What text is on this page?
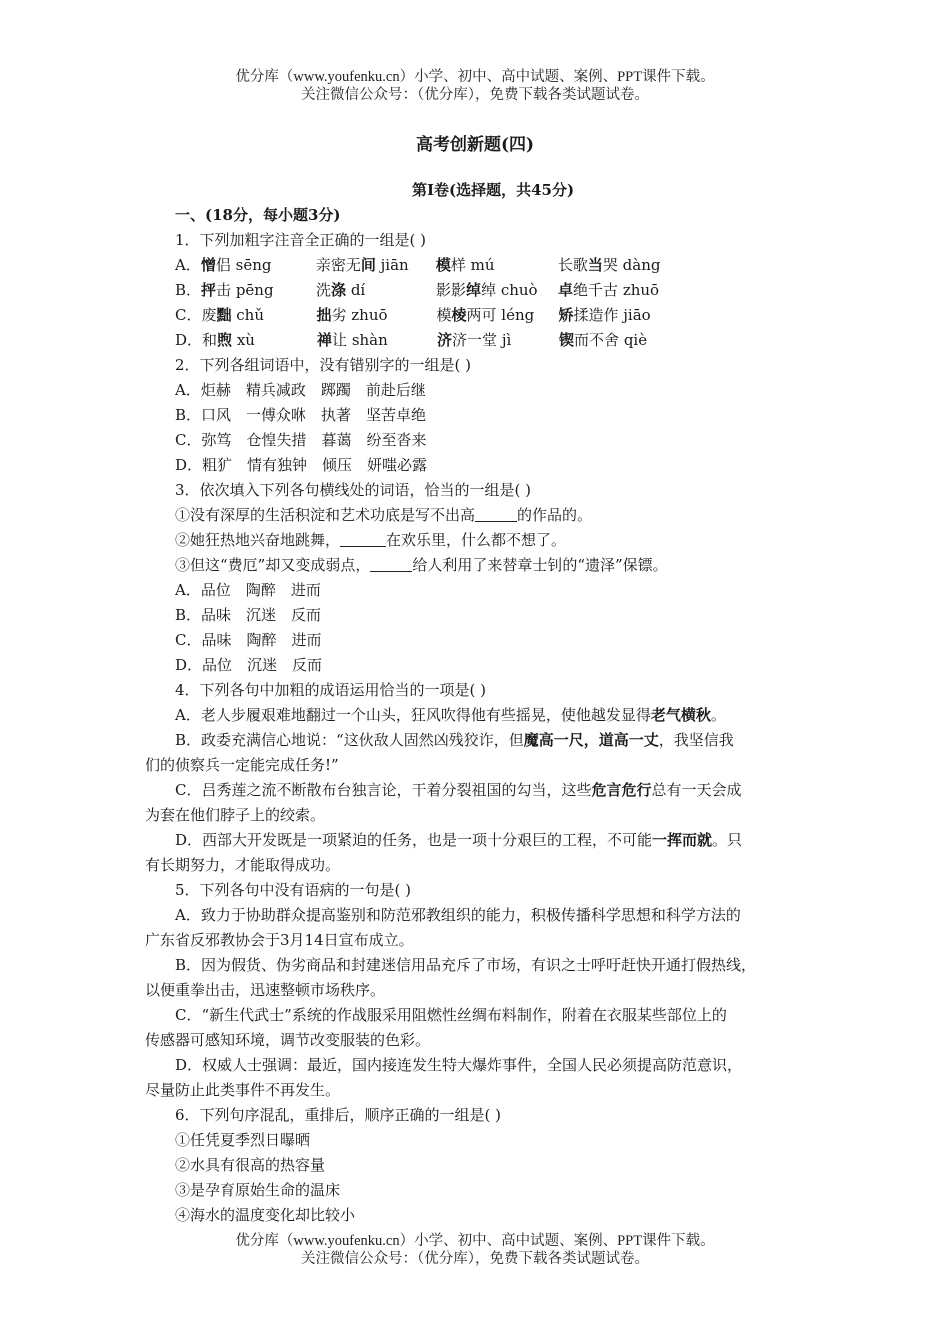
优分库（www.youfenku.cn）小学、初中、高中试题、案例、PPT课件下载。
关注微信公众号：（优分库），免费下载各类试题试卷。
高考创新题(四)
第Ⅰ卷(选择题，共45分)
一、(18分，每小题3分)
1．下列加粗字注音全正确的一组是( )
A．憎侣 sēng	亲密无间 jiān 模样 mú	长歌当哭 dàng
B．抨击 pēng	洗涤 dí	影影绰绰 chuò 卓绝千古 zhuō
C．废黜 chǔ	拙劣 zhuō	模棱两可 léng 矫揉造作 jiāo
D．和煦 xù	禅让 shàn	济济一堂 jì	锲而不舍 qiè
2．下列各组词语中，没有错别字的一组是( )
A．炬赫　精兵减政　踯躅　前赴后继
B．口风　一傅众咻　执著　坚苦卓绝
C．弥笃　仓惶失措　暮蔼　纷至沓来
D．粗犷　情有独钟　倾压　妍嗤必露
3．依次填入下列各句横线处的词语，恰当的一组是( )
①没有深厚的生活积淀和艺术功底是写不出高	的作品的。
②她狂热地兴奋地跳舞，	在欢乐里，什么都不想了。
③但这“费厄”却又变成弱点，	给人利用了来替章士钊的“遗泽”保镖。
A．品位　陶醉　进而
B．品味　沉迷　反而
C．品味　陶醉　进而
D．品位　沉迷　反而
4．下列各句中加粗的成语运用恰当的一项是( )
A．老人步履艰难地翻过一个山头，狂风吹得他有些摇晃，使他越发显得老气横秋。
B．政委充满信心地说：“这伙敌人固然凶残狡诈，但魔高一尺，道高一丈，我坚信我
们的侦察兵一定能完成任务!”
C．吕秀莲之流不断散布台独言论，干着分裂祖国的勾当，这些危言危行总有一天会成
为套在他们脖子上的绞索。
D．西部大开发既是一项紧迫的任务，也是一项十分艰巨的工程，不可能一挥而就。只
有长期努力，才能取得成功。
5．下列各句中没有语病的一句是( )
A．致力于协助群众提高鉴别和防范邪教组织的能力，积极传播科学思想和科学方法的
广东省反邪教协会于3月14日宣布成立。
B．因为假货、伪劣商品和封建迷信用品充斥了市场，有识之士呼吁赶快开通打假热线，
以便重拳出击，迅速整顿市场秩序。
C．“新生代武士”系统的作战服采用阻燃性丝绸布料制作，附着在衣服某些部位上的
传感器可感知环境，调节改变服装的色彩。
D．权威人士强调：最近，国内接连发生特大爆炸事件，全国人民必须提高防范意识，
尽量防止此类事件不再发生。
6．下列句序混乱，重排后，顺序正确的一组是( )
①任凭夏季烈日曝晒
②水具有很高的热容量
③是孕育原始生命的温床
④海水的温度变化却比较小
优分库（www.youfenku.cn）小学、初中、高中试题、案例、PPT课件下载。
关注微信公众号：（优分库），免费下载各类试题试卷。
